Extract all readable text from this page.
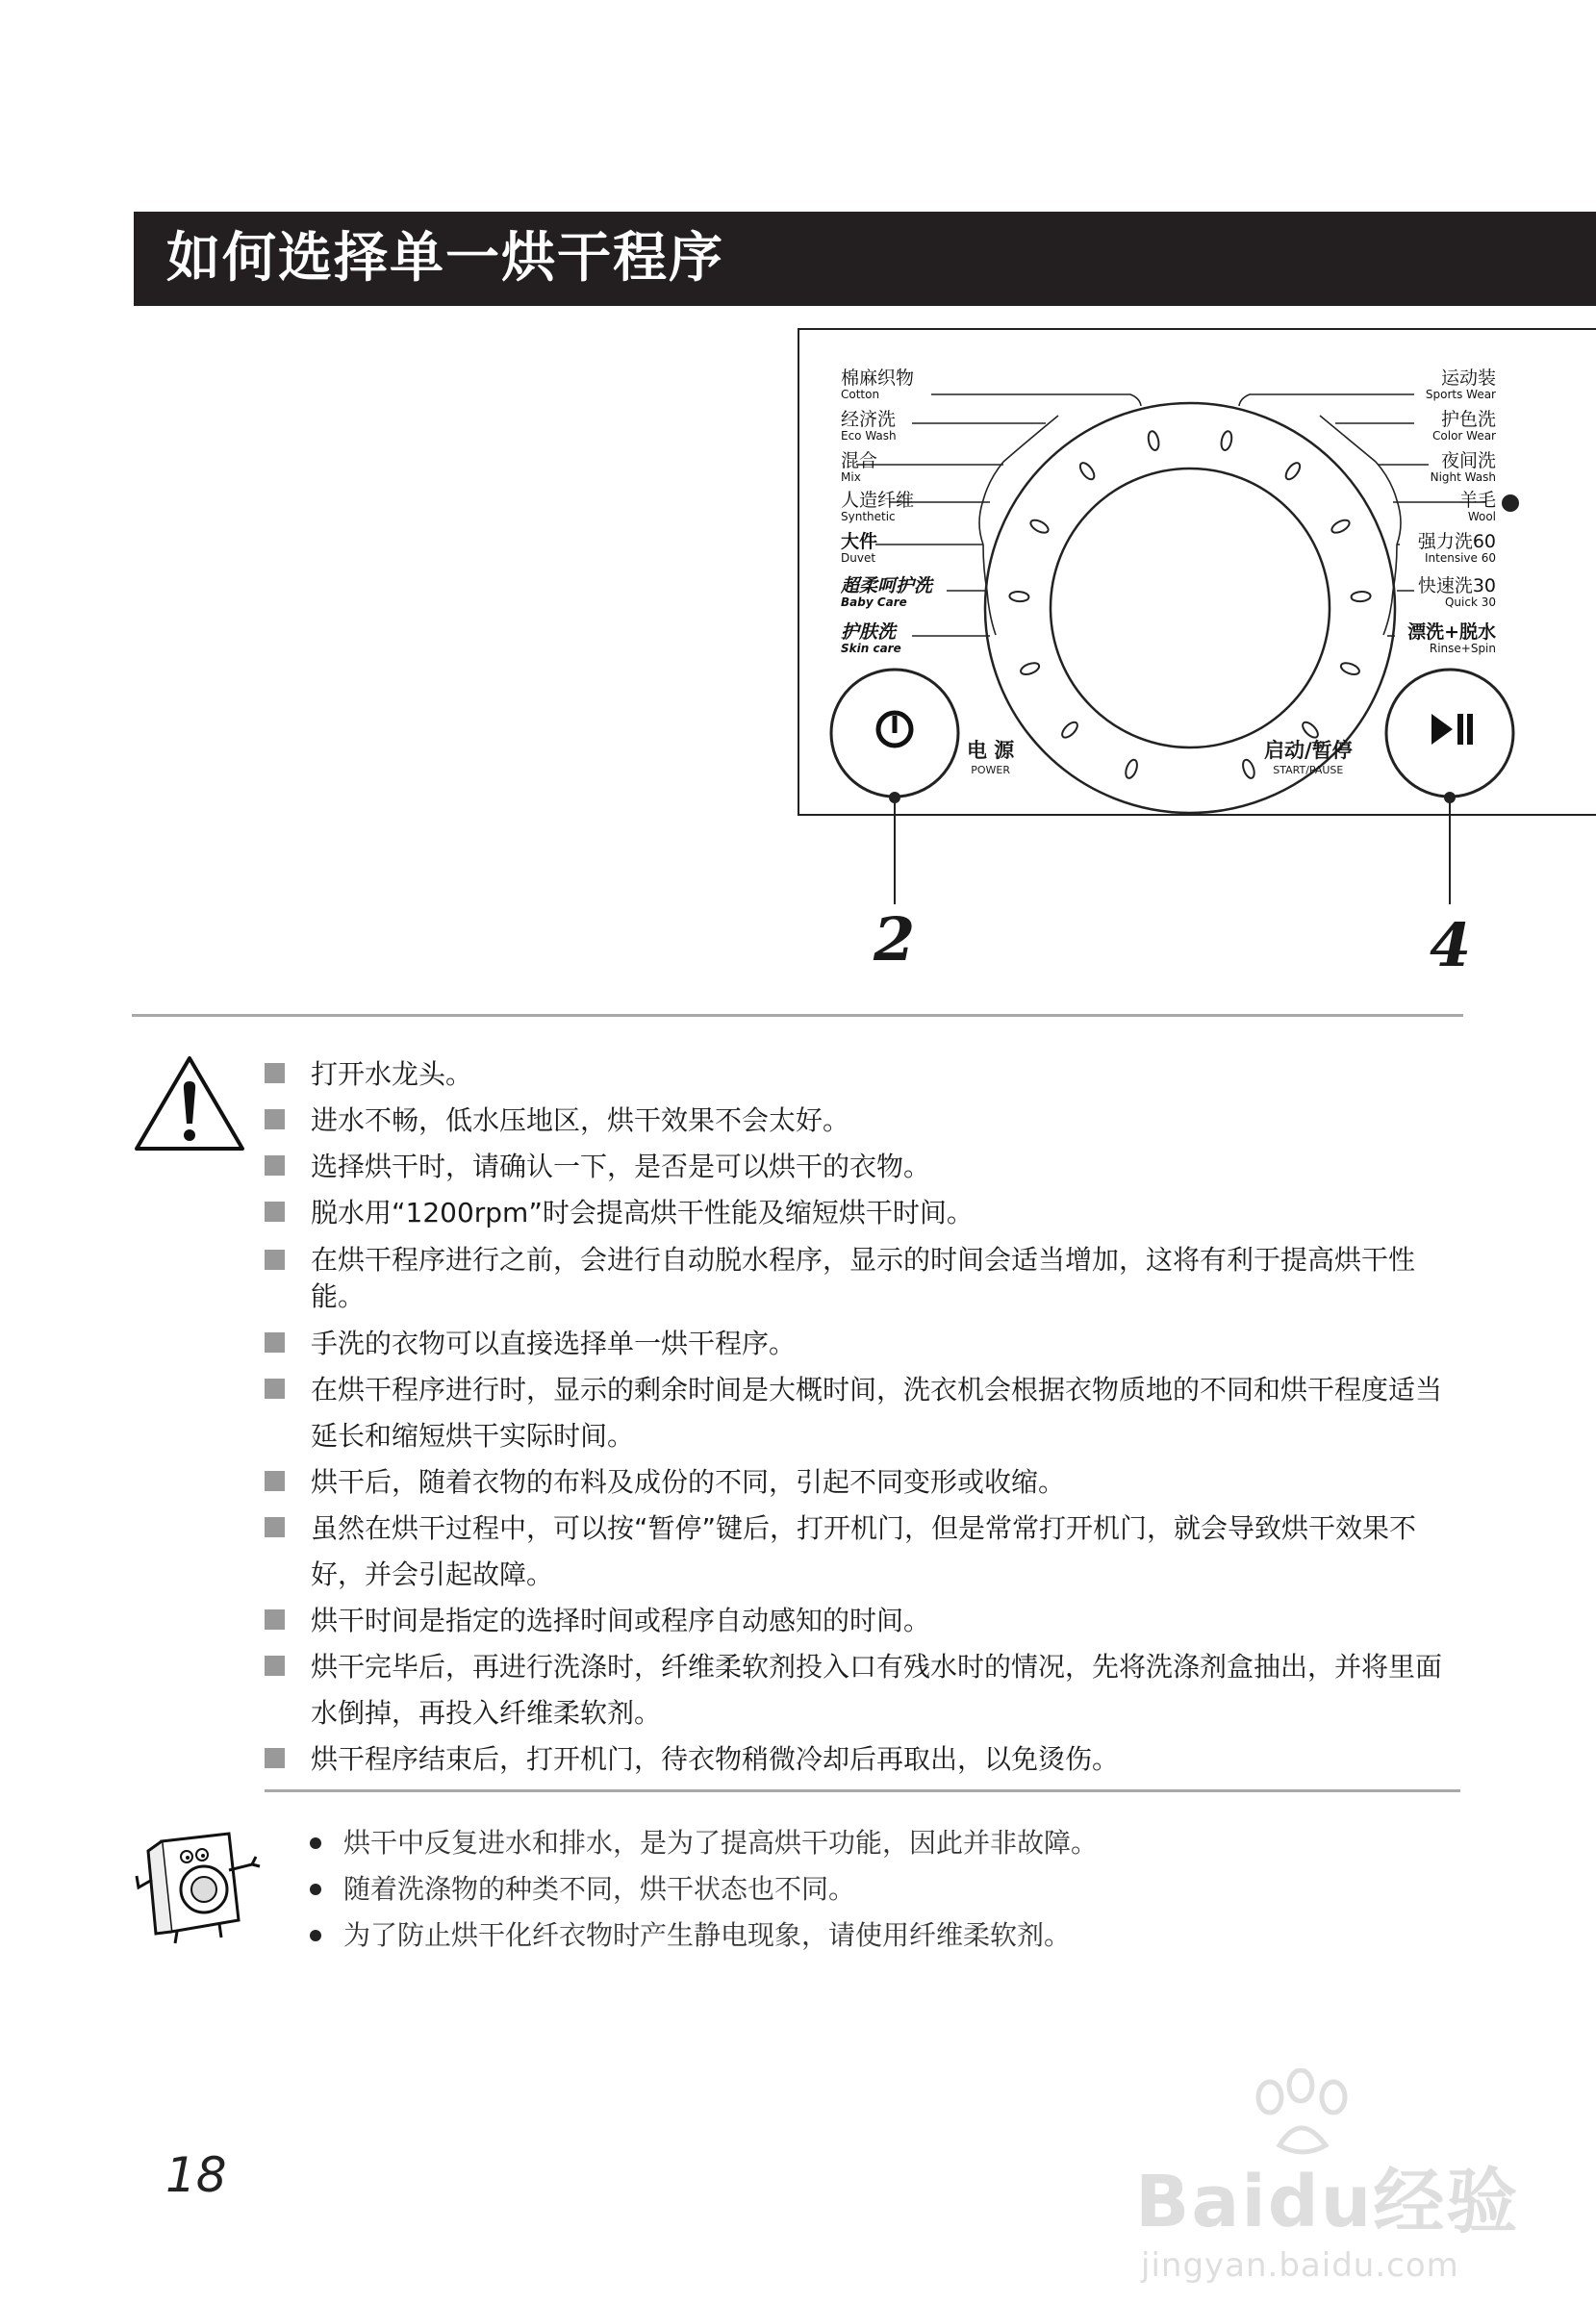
如何选择单一烘干程序
棉麻织物
Cotton
经济洗
Eco Wash
混合
Mix
人造纤维
Synthetic
大件
Duvet
超柔呵护洗
Baby Care
护肤洗
Skin care
运动装
Sports Wear
护色洗
Color Wear
夜间洗
Night Wash
羊毛
Wool
强力洗60
Intensive 60
快速洗30
Quick 30
漂洗+脱水
Rinse+Spin
电 源
POWER
启动/暂停
START/PAUSE
2	4
打开水龙头。
进水不畅，低水压地区，烘干效果不会太好。
选择烘干时，请确认一下，是否是可以烘干的衣物。
脱水用“1200rpm”时会提高烘干性能及缩短烘干时间。
在烘干程序进行之前，会进行自动脱水程序，显示的时间会适当增加，这将有利于提高烘干性能。
手洗的衣物可以直接选择单一烘干程序。
在烘干程序进行时，显示的剩余时间是大概时间，洗衣机会根据衣物质地的不同和烘干程度适当延长和缩短烘干实际时间。
烘干后，随着衣物的布料及成份的不同，引起不同变形或收缩。
虽然在烘干过程中，可以按“暂停”键后，打开机门，但是常常打开机门，就会导致烘干效果不好，并会引起故障。
烘干时间是指定的选择时间或程序自动感知的时间。
烘干完毕后，再进行洗涤时，纤维柔软剂投入口有残水时的情况，先将洗涤剂盒抽出，并将里面水倒掉，再投入纤维柔软剂。
烘干程序结束后，打开机门，待衣物稍微冷却后再取出，以免烫伤。
烘干中反复进水和排水，是为了提高烘干功能，因此并非故障。
随着洗涤物的种类不同，烘干状态也不同。
为了防止烘干化纤衣物时产生静电现象，请使用纤维柔软剂。
18	Baidu经验
jingyan.baidu.com
